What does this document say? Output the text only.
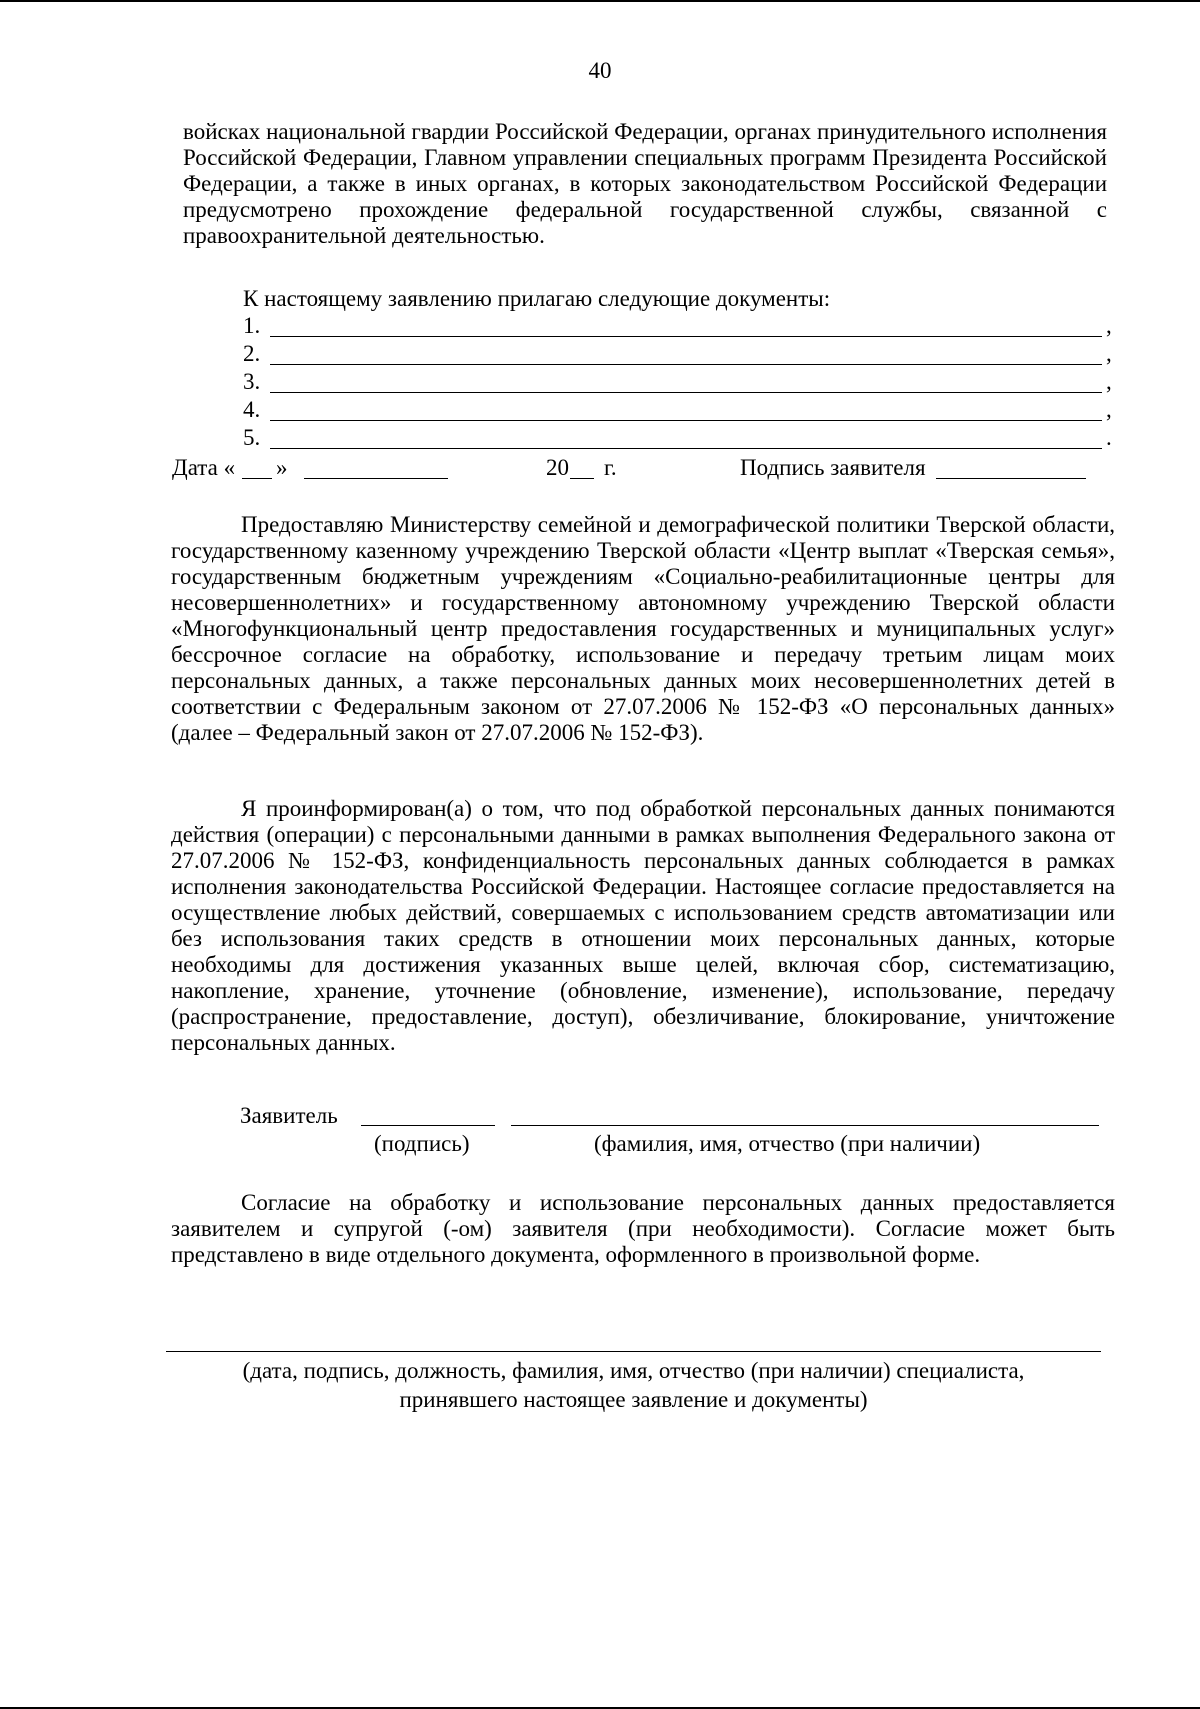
40

войсках национальной гвардии Российской Федерации, органах принудительного исполнения Российской Федерации, Главном управлении специальных программ Президента Российской Федерации, а также в иных органах, в которых законодательством Российской Федерации предусмотрено прохождение федеральной государственной службы, связанной с правоохранительной деятельностью.

К настоящему заявлению прилагаю следующие документы:
1.	,
2.	,
3.	,
4.	,
5.	.
Дата « »	20 г.	Подпись заявителя

Предоставляю Министерству семейной и демографической политики Тверской области, государственному казенному учреждению Тверской области «Центр выплат «Тверская семья», государственным бюджетным учреждениям «Социально-реабилитационные центры для несовершеннолетних» и государственному автономному учреждению Тверской области «Многофункциональный центр предоставления государственных и муниципальных услуг» бессрочное согласие на обработку, использование и передачу третьим лицам моих персональных данных, а также персональных данных моих несовершеннолетних детей в соответствии с Федеральным законом от 27.07.2006 № 152-ФЗ «О персональных данных» (далее – Федеральный закон от 27.07.2006 № 152-ФЗ).

Я проинформирован(а) о том, что под обработкой персональных данных понимаются действия (операции) с персональными данными в рамках выполнения Федерального закона от 27.07.2006 № 152-ФЗ, конфиденциальность персональных данных соблюдается в рамках исполнения законодательства Российской Федерации. Настоящее согласие предоставляется на осуществление любых действий, совершаемых с использованием средств автоматизации или без использования таких средств в отношении моих персональных данных, которые необходимы для достижения указанных выше целей, включая сбор, систематизацию, накопление, хранение, уточнение (обновление, изменение), использование, передачу (распространение, предоставление, доступ), обезличивание, блокирование, уничтожение персональных данных.

Заявитель
(подпись)	(фамилия, имя, отчество (при наличии)

Согласие на обработку и использование персональных данных предоставляется заявителем и супругой (-ом) заявителя (при необходимости). Согласие может быть представлено в виде отдельного документа, оформленного в произвольной форме.

(дата, подпись, должность, фамилия, имя, отчество (при наличии) специалиста,
принявшего настоящее заявление и документы)
